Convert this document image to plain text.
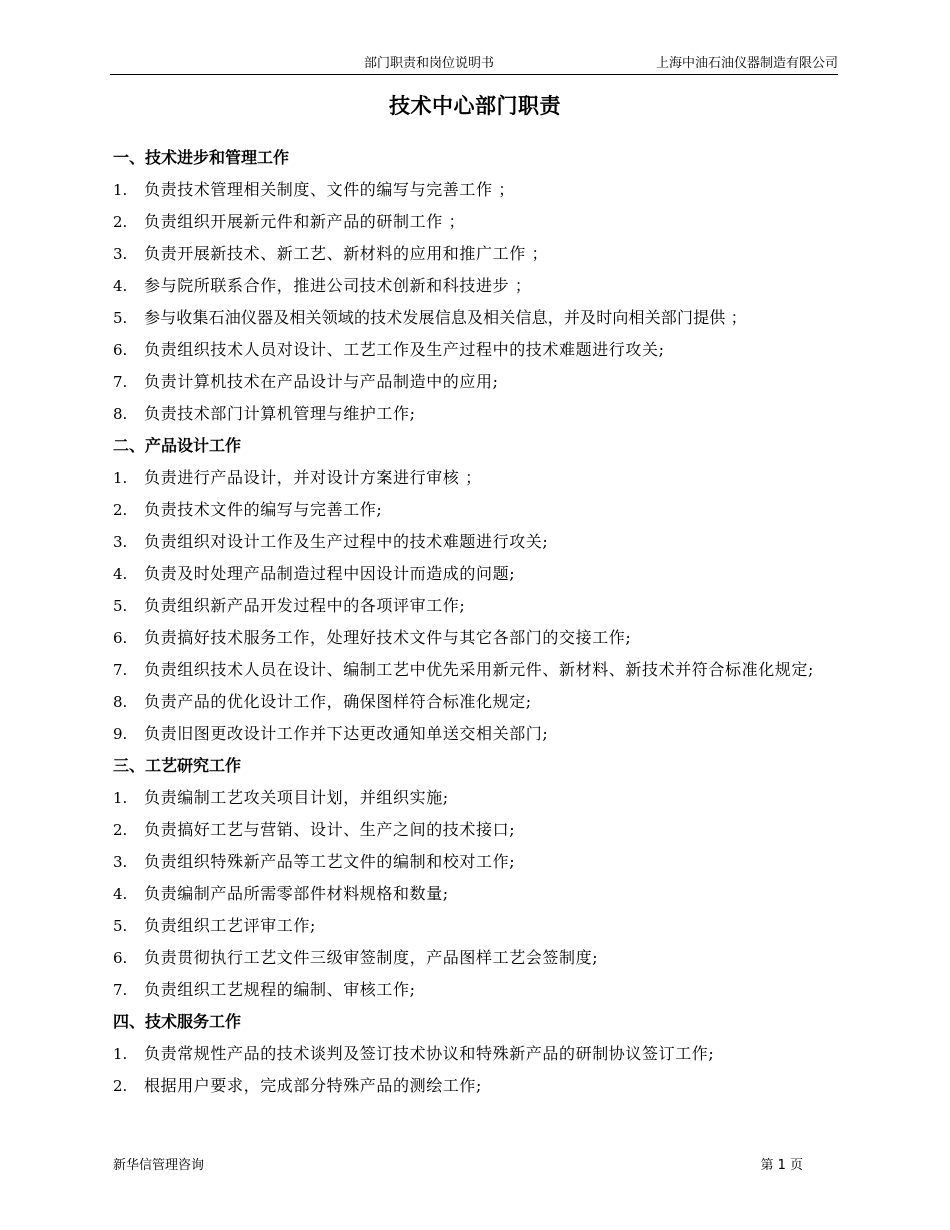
部门职责和岗位说明书	上海中油石油仪器制造有限公司
技术中心部门职责
一、技术进步和管理工作
1.	负责技术管理相关制度、文件的编写与完善工作 ；
2.	负责组织开展新元件和新产品的研制工作 ；
3.	负责开展新技术、新工艺、新材料的应用和推广工作 ；
4.	参与院所联系合作，推进公司技术创新和科技进步 ；
5.	参与收集石油仪器及相关领域的技术发展信息及相关信息，并及时向相关部门提供 ；
6.	负责组织技术人员对设计、工艺工作及生产过程中的技术难题进行攻关;
7.	负责计算机技术在产品设计与产品制造中的应用;
8.	负责技术部门计算机管理与维护工作;
二、产品设计工作
1.	负责进行产品设计，并对设计方案进行审核 ；
2.	负责技术文件的编写与完善工作;
3.	负责组织对设计工作及生产过程中的技术难题进行攻关;
4.	负责及时处理产品制造过程中因设计而造成的问题;
5.	负责组织新产品开发过程中的各项评审工作;
6.	负责搞好技术服务工作，处理好技术文件与其它各部门的交接工作;
7.	负责组织技术人员在设计、编制工艺中优先采用新元件、新材料、新技术并符合标准化规定;
8.	负责产品的优化设计工作，确保图样符合标准化规定;
9.	负责旧图更改设计工作并下达更改通知单送交相关部门;
三、工艺研究工作
1.	负责编制工艺攻关项目计划，并组织实施;
2.	负责搞好工艺与营销、设计、生产之间的技术接口;
3.	负责组织特殊新产品等工艺文件的编制和校对工作;
4.	负责编制产品所需零部件材料规格和数量;
5.	负责组织工艺评审工作;
6.	负责贯彻执行工艺文件三级审签制度，产品图样工艺会签制度;
7.	负责组织工艺规程的编制、审核工作;
四、技术服务工作
1.	负责常规性产品的技术谈判及签订技术协议和特殊新产品的研制协议签订工作;
2.	根据用户要求，完成部分特殊产品的测绘工作;
新华信管理咨询	第 1 页
